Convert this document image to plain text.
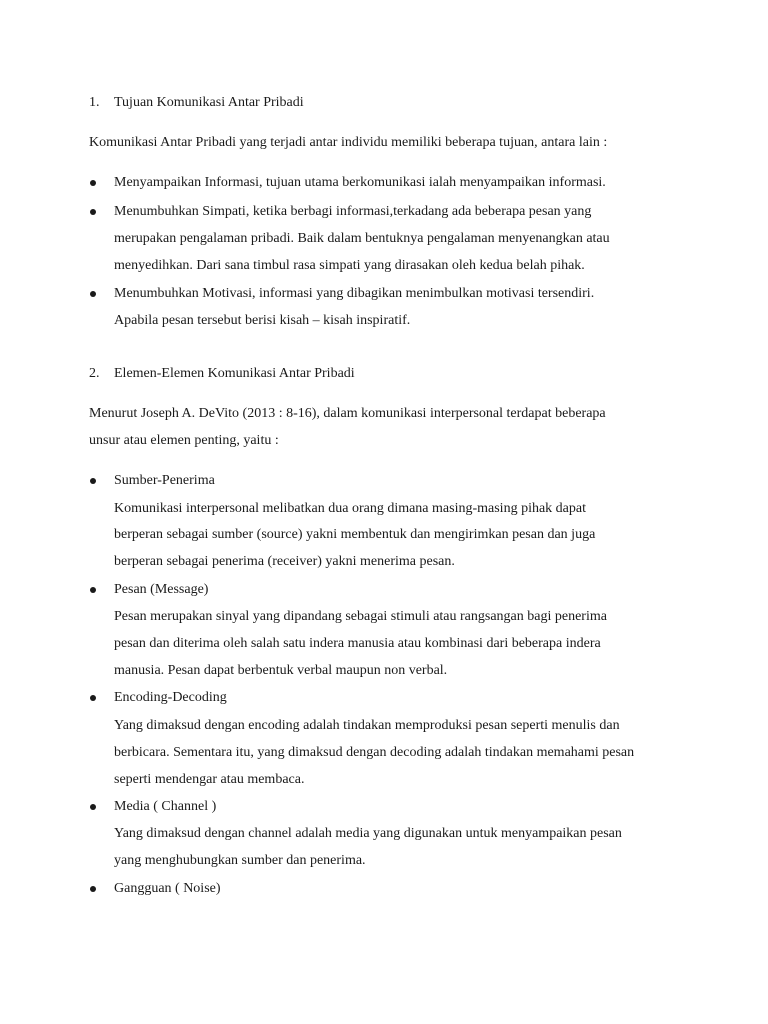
1. Tujuan Komunikasi Antar Pribadi
Komunikasi Antar Pribadi yang terjadi antar individu memiliki beberapa tujuan, antara lain :
Menyampaikan Informasi, tujuan utama berkomunikasi ialah menyampaikan informasi.
Menumbuhkan Simpati, ketika berbagi informasi,terkadang ada beberapa pesan yang
merupakan pengalaman pribadi. Baik dalam bentuknya pengalaman menyenangkan atau
menyedihkan. Dari sana timbul rasa simpati yang dirasakan oleh kedua belah pihak.
Menumbuhkan Motivasi, informasi yang dibagikan menimbulkan motivasi tersendiri.
Apabila pesan tersebut berisi kisah – kisah inspiratif.
2. Elemen-Elemen Komunikasi Antar Pribadi
Menurut Joseph A. DeVito (2013 : 8-16), dalam komunikasi interpersonal terdapat beberapa
unsur atau elemen penting, yaitu :
Sumber-Penerima
Komunikasi interpersonal melibatkan dua orang dimana masing-masing pihak dapat
berperan sebagai sumber (source) yakni membentuk dan mengirimkan pesan dan juga
berperan sebagai penerima (receiver) yakni menerima pesan.
Pesan (Message)
Pesan merupakan sinyal yang dipandang sebagai stimuli atau rangsangan bagi penerima
pesan dan diterima oleh salah satu indera manusia atau kombinasi dari beberapa indera
manusia. Pesan dapat berbentuk verbal maupun non verbal.
Encoding-Decoding
Yang dimaksud dengan encoding adalah tindakan memproduksi pesan seperti menulis dan
berbicara. Sementara itu, yang dimaksud dengan decoding adalah tindakan memahami pesan
seperti mendengar atau membaca.
Media ( Channel )
Yang dimaksud dengan channel adalah media yang digunakan untuk menyampaikan pesan
yang menghubungkan sumber dan penerima.
Gangguan ( Noise)
